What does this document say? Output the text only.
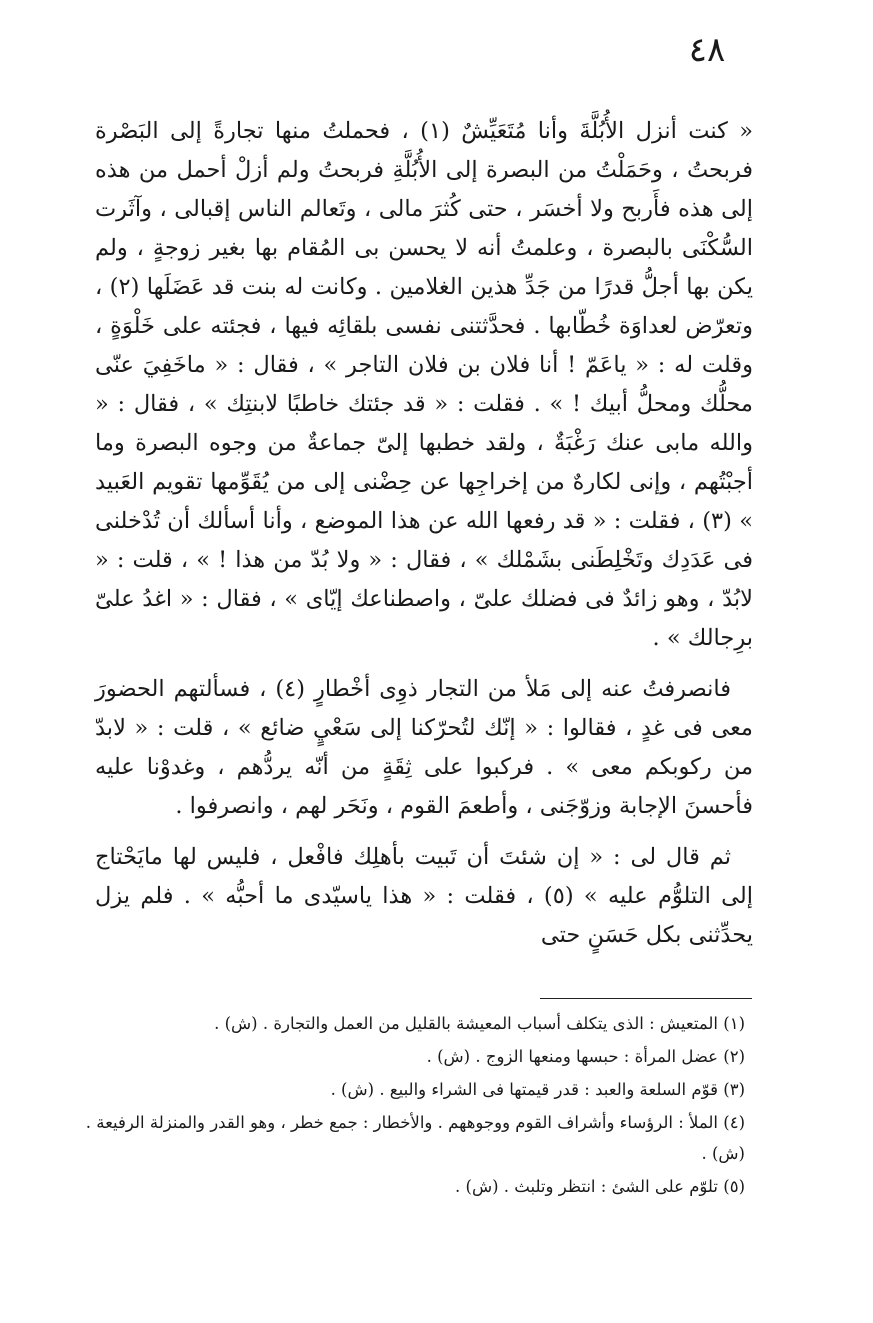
٤٨

« كنت أنزل الأُبُلَّةَ وأنا مُتَعَيِّشٌ (١) ، فحملتُ منها تجارةً إلى البَصْرة فربحتُ ، وحَمَلْتُ من البصرة إلى الأُبُلَّةِ فربحتُ ولم أزلْ أحمل من هذه إلى هذه فأَربح ولا أخسَر ، حتى كُثرَ مالى ، وتَعالم الناس إقبالى ، وآثَرت السُّكْنَى بالبصرة ، وعلمتُ أنه لا يحسن بى المُقام بها بغير زوجةٍ ، ولم يكن بها أجلُّ قدرًا من جَدِّ هذين الغلامين . وكانت له بنت قد عَضَلَها (٢) ، وتعرّض لعداوَة خُطّابها . فحدَّثتنى نفسى بلقائِه فيها ، فجئته على خَلْوَةٍ ، وقلت له : « ياعَمّ ! أنا فلان بن فلان التاجر » ، فقال : « ماخَفِيَ عنّى محلُّك ومحلُّ أبيك ! » . فقلت : « قد جئتك خاطبًا لابنتِك » ، فقال : « والله مابى عنك رَغْبَةٌ ، ولقد خطبها إلىّ جماعةٌ من وجوه البصرة وما أجبْتُهم ، وإنى لكارهٌ من إخراجِها عن حِضْنى إلى من يُقَوِّمها تقويم العَبيد » (٣) ، فقلت : « قد رفعها الله عن هذا الموضع ، وأنا أسألك أن تُدْخلنى فى عَدَدِك وتَخْلِطَنى بشَمْلك » ، فقال : « ولا بُدّ من هذا ! » ، قلت : « لابُدّ ، وهو زائدٌ فى فضلك علىّ ، واصطناعك إيّاى » ، فقال : « اغدُ علىّ برِجالك » .

فانصرفتُ عنه إلى مَلأ من التجار ذوِى أخْطارٍ (٤) ، فسألتهم الحضورَ معى فى غدٍ ، فقالوا : « إنّك لتُحرّكنا إلى سَعْيٍ ضائع » ، قلت : « لابدّ من ركوبكم معى » . فركبوا على ثِقَةٍ من أنّه يردُّهم ، وغدوْنا عليه فأحسنَ الإجابة وزوّجَنى ، وأطعمَ القوم ، ونَحَر لهم ، وانصرفوا .

ثم قال لى : « إن شئتَ أن تَبيت بأهلِك فافْعل ، فليس لها مايَحْتاج إلى التلوُّم عليه » (٥) ، فقلت : « هذا ياسيّدى ما أحبُّه » . فلم يزل يحدِّثنى بكل حَسَنٍ حتى

(١) المتعيش : الذى يتكلف أسباب المعيشة بالقليل من العمل والتجارة . (ش) .
(٢) عضل المرأة : حبسها ومنعها الزوج . (ش) .
(٣) قوّم السلعة والعبد : قدر قيمتها فى الشراء والبيع . (ش) .
(٤) الملأ : الرؤساء وأشراف القوم ووجوههم . والأخطار : جمع خطر ، وهو القدر والمنزلة الرفيعة . (ش) .
(٥) تلوّم على الشئ : انتظر وتلبث . (ش) .
